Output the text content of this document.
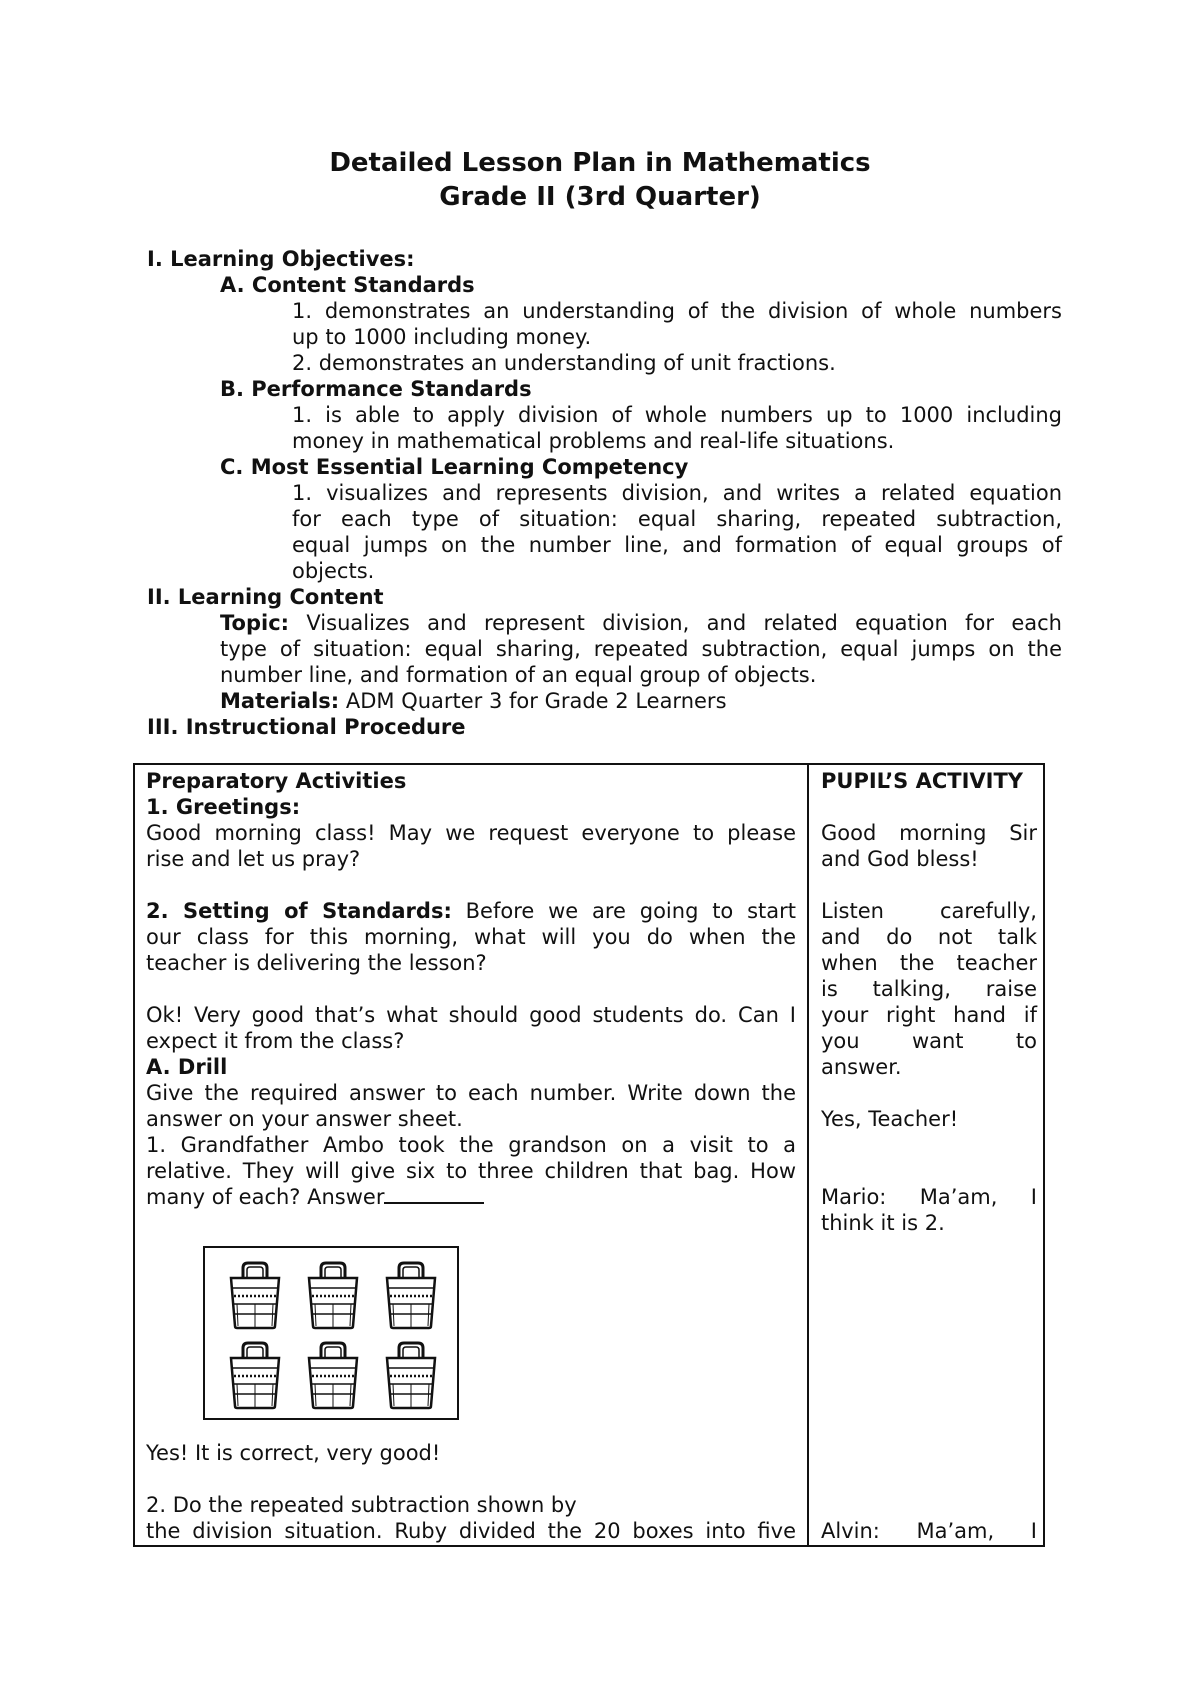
Detailed Lesson Plan in Mathematics
Grade II (3rd Quarter)
I. Learning Objectives:
A. Content Standards
1. demonstrates an understanding of the division of whole numbers
up to 1000 including money.
2. demonstrates an understanding of unit fractions.
B. Performance Standards
1. is able to apply division of whole numbers up to 1000 including
money in mathematical problems and real-life situations.
C. Most Essential Learning Competency
1. visualizes and represents division, and writes a related equation
for each type of situation: equal sharing, repeated subtraction,
equal jumps on the number line, and formation of equal groups of
objects.
II. Learning Content
Topic: Visualizes and represent division, and related equation for each
type of situation: equal sharing, repeated subtraction, equal jumps on the
number line, and formation of an equal group of objects.
Materials: ADM Quarter 3 for Grade 2 Learners
III. Instructional Procedure
Preparatory Activities
1. Greetings:
Good morning class! May we request everyone to please
rise and let us pray?
2. Setting of Standards: Before we are going to start
our class for this morning, what will you do when the
teacher is delivering the lesson?
Ok! Very good that’s what should good students do. Can I
expect it from the class?
A. Drill
Give the required answer to each number. Write down the
answer on your answer sheet.
1. Grandfather Ambo took the grandson on a visit to a
relative. They will give six to three children that bag. How
many of each? Answer
Yes! It is correct, very good!
2. Do the repeated subtraction shown by
the division situation. Ruby divided the 20 boxes into five
PUPIL’S ACTIVITY
Good morning Sir
and God bless!
Listen carefully,
and do not talk
when the teacher
is talking, raise
your right hand if
you want to
answer.
Yes, Teacher!
Mario: Ma’am, I
think it is 2.
Alvin: Ma’am, I
